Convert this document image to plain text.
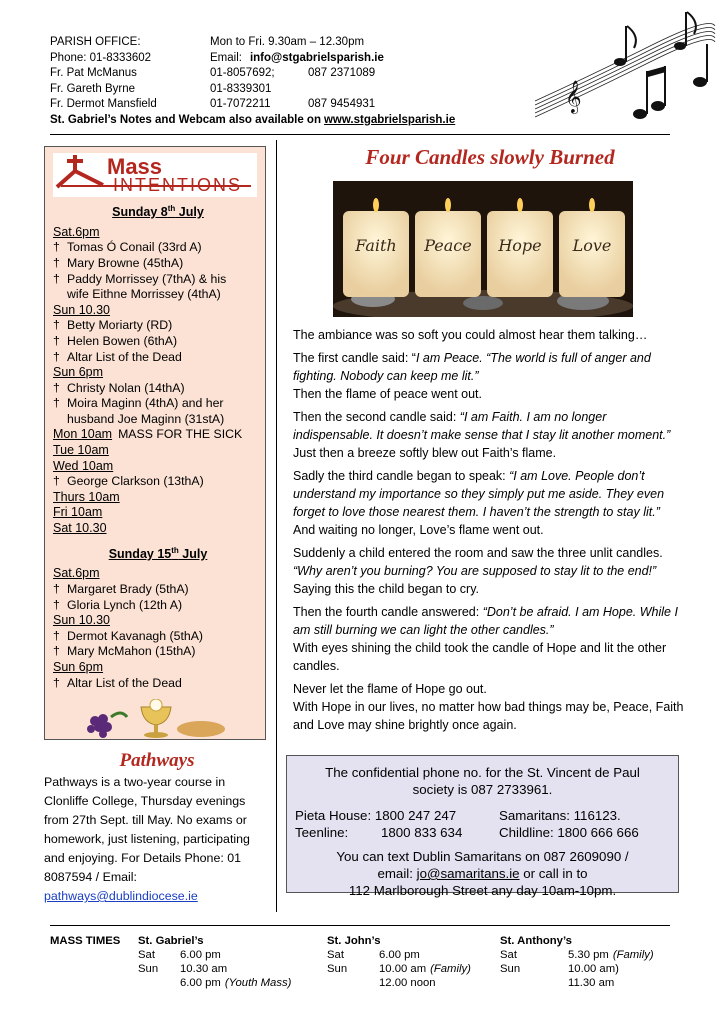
PARISH OFFICE:	Mon to Fri. 9.30am – 12.30pm
Phone: 01-8333602	Email: info@stgabrielsparish.ie
Fr. Pat McManus	01-8057692;	087 2371089
Fr. Gareth Byrne	01-8339301
Fr. Dermot Mansfield	01-7072211	087 9454931
St. Gabriel’s Notes and Webcam also available on www.stgabrielsparish.ie
𝄞
Mass
INTENTIONS
Sunday 8th July
Sat.6pm
† Tomas Ó Conail (33rd A)
† Mary Browne (45thA)
† Paddy Morrissey (7thA) & his
wife Eithne Morrissey (4thA)
Sun 10.30
† Betty Moriarty (RD)
† Helen Bowen (6thA)
† Altar List of the Dead
Sun 6pm
† Christy Nolan (14thA)
† Moira Maginn (4thA) and her
husband Joe Maginn (31stA)
Mon 10am MASS FOR THE SICK
Tue 10am
Wed 10am
† George Clarkson (13thA)
Thurs 10am
Fri 10am
Sat 10.30
Sunday 15th July
Sat.6pm
† Margaret Brady (5thA)
† Gloria Lynch (12th A)
Sun 10.30
† Dermot Kavanagh (5thA)
† Mary McMahon (15thA)
Sun 6pm
† Altar List of the Dead
Pathways
Pathways is a two-year course in Clonliffe College, Thursday evenings from 27th Sept. till May. No exams or homework, just listening, participating and enjoying. For Details Phone: 01 8087594 / Email: pathways@dublindiocese.ie
Four Candles slowly Burned
Faith Peace Hope Love

The ambiance was so soft you could almost hear them talking…

The first candle said: “I am Peace. “The world is full of anger and fighting. Nobody can keep me lit.”
Then the flame of peace went out.

Then the second candle said: “I am Faith. I am no longer indispensable. It doesn’t make sense that I stay lit another moment.” Just then a breeze softly blew out Faith’s flame.

Sadly the third candle began to speak: “I am Love. People don’t understand my importance so they simply put me aside. They even forget to love those nearest them. I haven’t the strength to stay lit.”
And waiting no longer, Love’s flame went out.

Suddenly a child entered the room and saw the three unlit candles. “Why aren’t you burning? You are supposed to stay lit to the end!” Saying this the child began to cry.

Then the fourth candle answered: “Don’t be afraid. I am Hope. While I am still burning we can light the other candles.”
With eyes shining the child took the candle of Hope and lit the other candles.

Never let the flame of Hope go out.
With Hope in our lives, no matter how bad things may be, Peace, Faith and Love may shine brightly once again.

The confidential phone no. for the St. Vincent de Paul
society is 087 2733961.
Pieta House: 1800 247 247	Samaritans: 116123.
Teenline:	1800 833 634	Childline: 1800 666 666
You can text Dublin Samaritans on 087 2609090 /
email: jo@samaritans.ie or call in to
112 Marlborough Street any day 10am-10pm.
MASS TIMES St. Gabriel’s
Sat	6.00 pm
Sun	10.30 am
6.00 pm (Youth Mass)
St. John’s
Sat	6.00 pm
Sun	10.00 am (Family)
12.00 noon
St. Anthony’s
Sat	5.30 pm (Family)
Sun	10.00 am)
11.30 am
